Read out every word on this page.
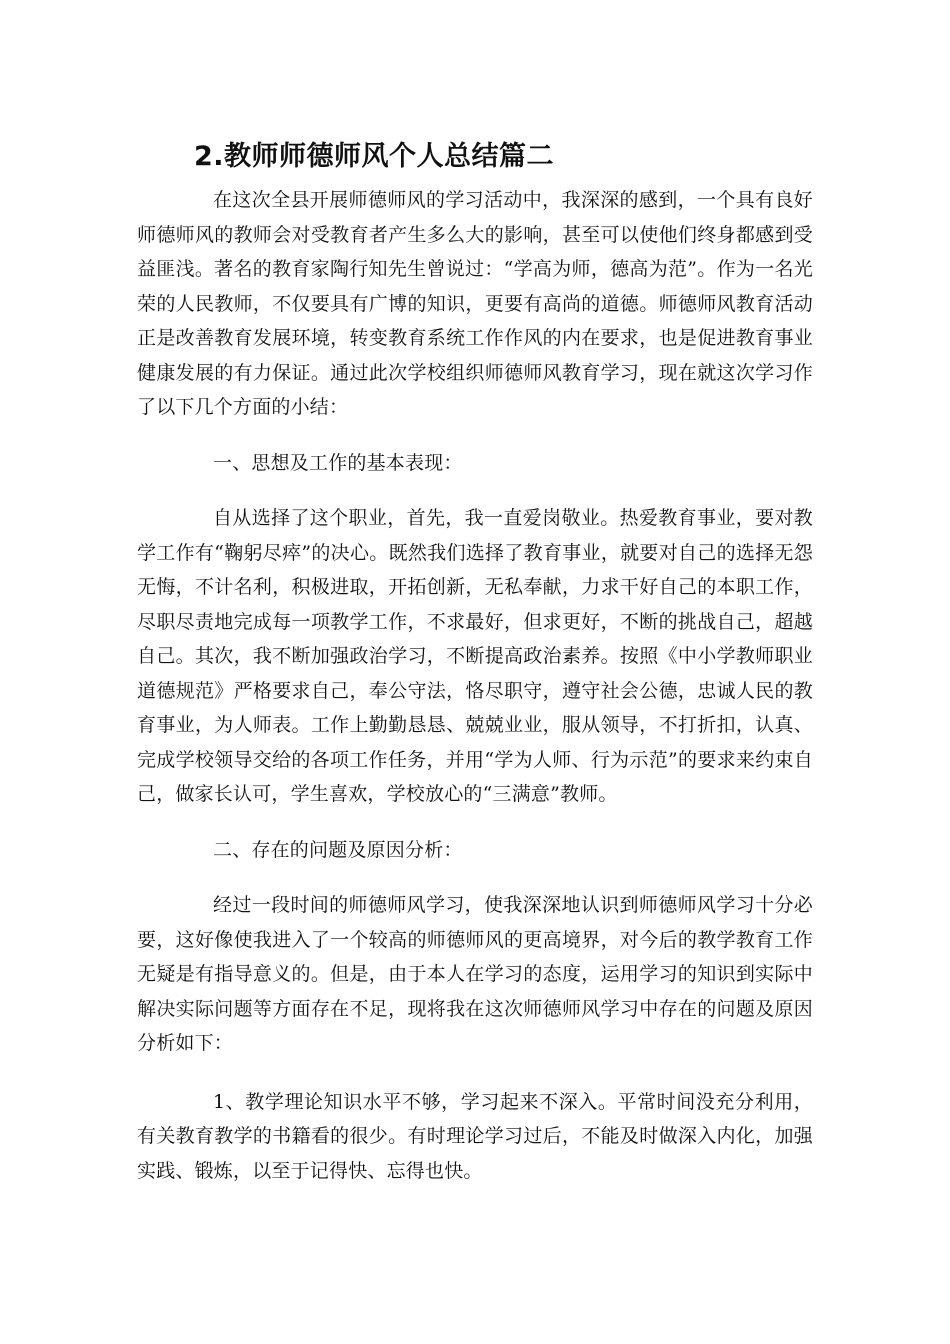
2.教师师德师风个人总结篇二

在这次全县开展师德师风的学习活动中，我深深的感到，一个具有良好师德师风的教师会对受教育者产生多么大的影响，甚至可以使他们终身都感到受益匪浅。著名的教育家陶行知先生曾说过：“学高为师，德高为范”。作为一名光荣的人民教师，不仅要具有广博的知识，更要有高尚的道德。师德师风教育活动正是改善教育发展环境，转变教育系统工作作风的内在要求，也是促进教育事业健康发展的有力保证。通过此次学校组织师德师风教育学习，现在就这次学习作了以下几个方面的小结：

一、思想及工作的基本表现：

自从选择了这个职业，首先，我一直爱岗敬业。热爱教育事业，要对教学工作有“鞠躬尽瘁”的决心。既然我们选择了教育事业，就要对自己的选择无怨无悔，不计名利，积极进取，开拓创新，无私奉献，力求干好自己的本职工作，尽职尽责地完成每一项教学工作，不求最好，但求更好，不断的挑战自己，超越自己。其次，我不断加强政治学习，不断提高政治素养。按照《中小学教师职业道德规范》严格要求自己，奉公守法，恪尽职守，遵守社会公德，忠诚人民的教育事业，为人师表。工作上勤勤恳恳、兢兢业业，服从领导，不打折扣，认真、完成学校领导交给的各项工作任务，并用“学为人师、行为示范”的要求来约束自己，做家长认可，学生喜欢，学校放心的“三满意”教师。

二、存在的问题及原因分析：

经过一段时间的师德师风学习，使我深深地认识到师德师风学习十分必要，这好像使我进入了一个较高的师德师风的更高境界，对今后的教学教育工作无疑是有指导意义的。但是，由于本人在学习的态度，运用学习的知识到实际中解决实际问题等方面存在不足，现将我在这次师德师风学习中存在的问题及原因分析如下：

1、教学理论知识水平不够，学习起来不深入。平常时间没充分利用，有关教育教学的书籍看的很少。有时理论学习过后，不能及时做深入内化，加强实践、锻炼，以至于记得快、忘得也快。
